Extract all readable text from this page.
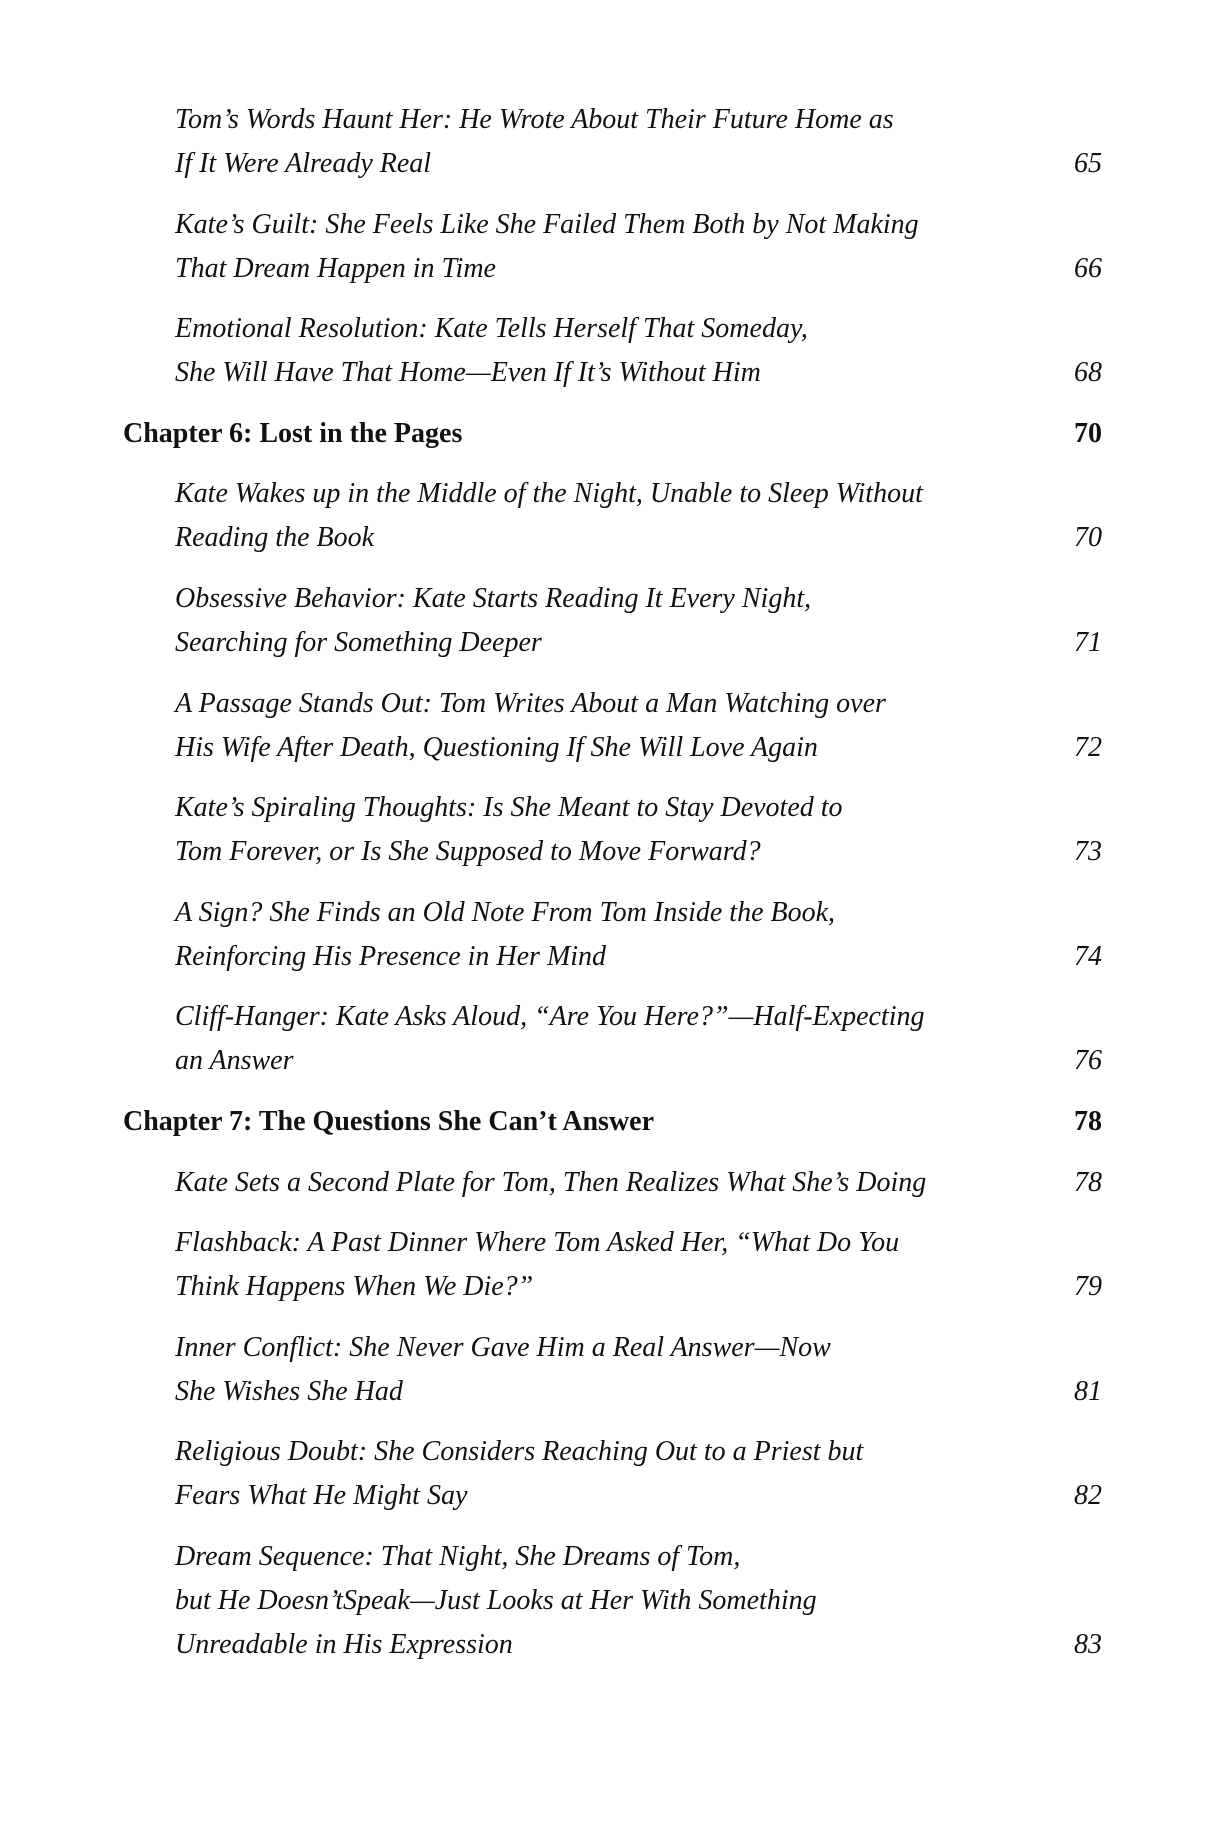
Tom’s Words Haunt Her: He Wrote About Their Future Home as
If It Were Already Real	65
Kate’s Guilt: She Feels Like She Failed Them Both by Not Making
That Dream Happen in Time	66
Emotional Resolution: Kate Tells Herself That Someday,
She Will Have That Home—Even If It’s Without Him	68
Chapter 6: Lost in the Pages	70
Kate Wakes up in the Middle of the Night, Unable to Sleep Without
Reading the Book	70
Obsessive Behavior: Kate Starts Reading It Every Night,
Searching for Something Deeper	71
A Passage Stands Out: Tom Writes About a Man Watching over
His Wife After Death, Questioning If She Will Love Again	72
Kate’s Spiraling Thoughts: Is She Meant to Stay Devoted to
Tom Forever, or Is She Supposed to Move Forward?	73
A Sign? She Finds an Old Note From Tom Inside the Book,
Reinforcing His Presence in Her Mind	74
Cliff-Hanger: Kate Asks Aloud, “Are You Here?”—Half-Expecting
an Answer	76
Chapter 7: The Questions She Can’t Answer	78
Kate Sets a Second Plate for Tom, Then Realizes What She’s Doing	78
Flashback: A Past Dinner Where Tom Asked Her, “What Do You
Think Happens When We Die?”	79
Inner Conflict: She Never Gave Him a Real Answer—Now
She Wishes She Had	81
Religious Doubt: She Considers Reaching Out to a Priest but
Fears What He Might Say	82
Dream Sequence: That Night, She Dreams of Tom,
but He Doesn’tSpeak—Just Looks at Her With Something
Unreadable in His Expression	83
